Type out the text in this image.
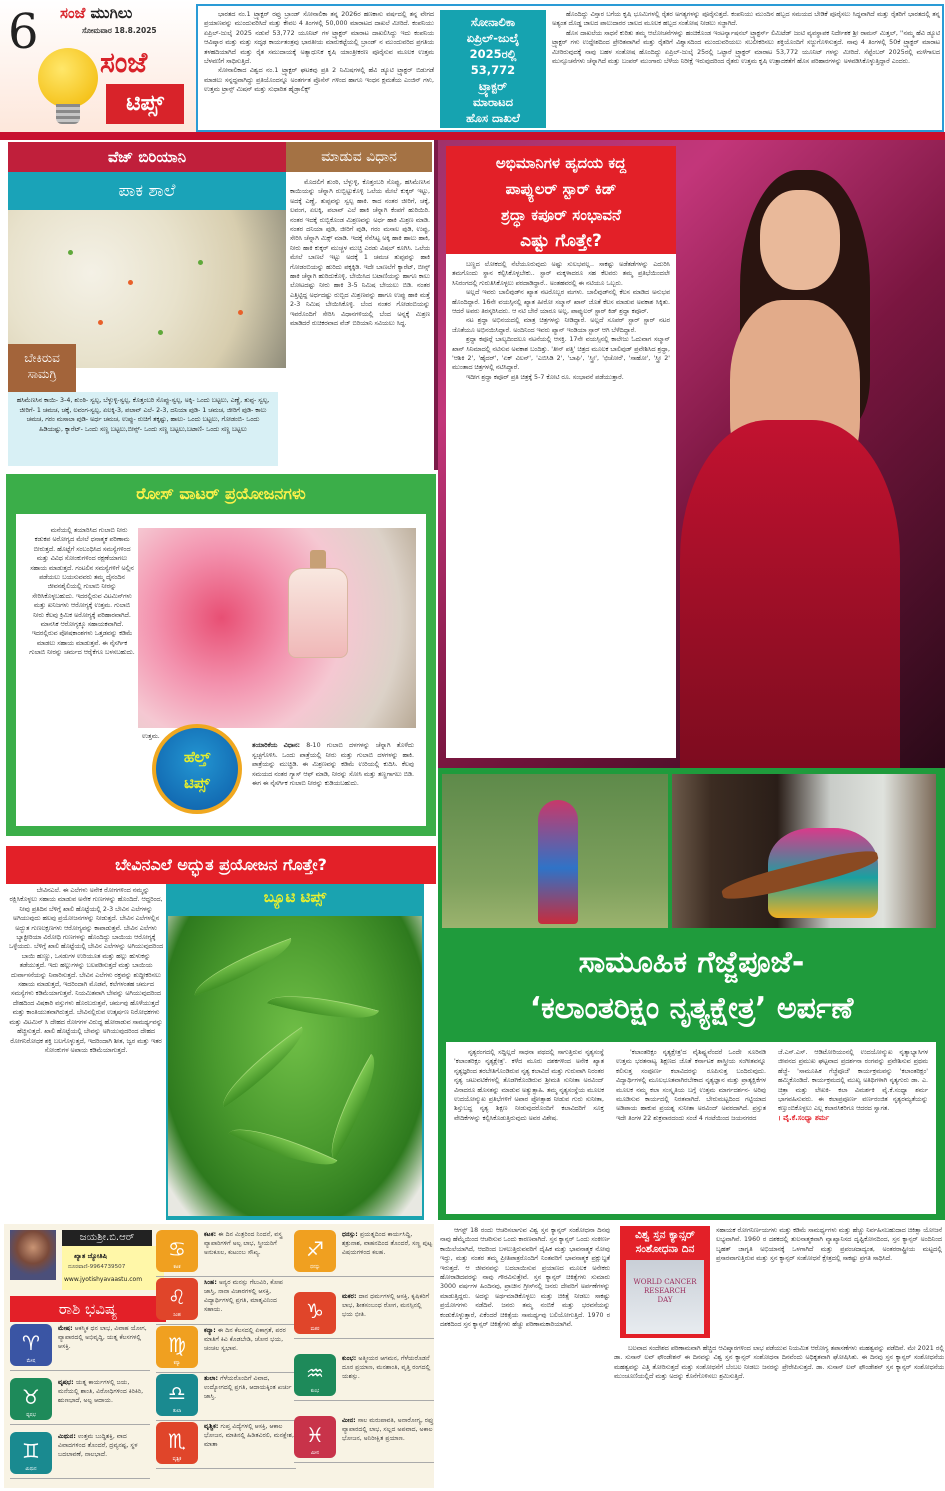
6 ಸಂಜೆ ಮುಗಿಲು
ಸೋಮವಾರ 18.8.2025
ಸಂಜೆ
ಟಿಪ್ಸ್

ಭಾರತದ ನಂ.1 ಟ್ರ್ಯಾಕ್ಟರ್ ರಫ್ತು ಬ್ರಾಂಡ್ ಸೋನಾಲಿಕಾ ತನ್ನ 2026ರ ಹಣಕಾಸು ವರ್ಷದಲ್ಲಿ ತನ್ನ ವೇಗದ ಪ್ರಯಾಣವನ್ನು ಮುಂದುವರಿಸಿದೆ ಮತ್ತು ಕೇವಲ 4 ತಿಂಗಳಲ್ಲಿ 50,000 ಮಾರಾಟದ ದಾಖಲೆ ಮೀರಿದೆ. ಕಂಪನಿಯು ಏಪ್ರಿಲ್-ಜುಲೈ 2025 ನಡುವೆ 53,772 ಯೂನಿಟ್ ಗಳ ಟ್ರ್ಯಾಕ್ಟರ್ ಮಾರಾಟ ದಾಖಲಿಸಿದ್ದು ಇದು ಕಂಪನಿಯ ಆವಿಷ್ಕಾರ ಮತ್ತು ಮತ್ತು ಸದೃಢ ಕಾರ್ಯತಂತ್ರವು ಭಾರತೀಯ ಮಾರುಕಟ್ಟೆಯಲ್ಲಿ ಬ್ರಾಂಡ್ ನ ಮುಂದುವರಿದ ಪ್ರಗತಿಯ ತಳಹದಿಯಾಗಿದೆ ಮತ್ತು ರೈತ ಸಮುದಾಯಕ್ಕೆ ಅತ್ಯಾಧುನಿಕ ಕೃಷಿ ಯಾಂತ್ರೀಕರಣ ಪೂರೈಸುವ ಮೂಲಕ ಉತ್ತಮ ಬೆಳವಣಿಗೆ ಸಾಧಿಸುತ್ತಿದೆ.

ಸೋನಾಲಿಕಾದ ವಿಶ್ವದ ನಂ.1 ಟ್ರ್ಯಾಕ್ಟರ್ ಘಟಕವು ಪ್ರತಿ 2 ನಿಮಿಷಗಳಲ್ಲಿ ಹೆವಿ ಡ್ಯೂಟಿ ಟ್ರ್ಯಾಕ್ಟರ್ ಬಿಡುಗಡೆ ಮಾಡಲು ಸನ್ನದ್ಧವಾಗಿದ್ದು ಪ್ರತಿಯೊಂದನ್ನೂ ಅಂತರ್ಗತ ಪ್ರೊಸೆಸ್ ಗಳಿಂದ ಹಾಗೂ ಇಂಧನ ಕ್ಷಮತೆಯ ಎಂಜಿನ್ ಗಳು, ಉತ್ತಮ ಟ್ರಾನ್ಸ್ ಮಿಷನ್ ಮತ್ತು ಸುಧಾರಿತ ಹೈಡ್ರಾಲಿಕ್ಸ್

ಸೋನಾಲಿಕಾ
ಏಪ್ರಿಲ್-ಜುಲೈ
2025ರಲ್ಲಿ
53,772
ಟ್ರ್ಯಾಕ್ಟರ್
ಮಾರಾಟದ
ಹೊಸ ದಾಖಲೆ

ಹೊಂದಿದ್ದು ವಿಸ್ತಾರ ಬಗೆಯ ಕೃಷಿ ಭೂಮಿಗಳಲ್ಲಿ ರೈತರ ಅಗತ್ಯಗಳನ್ನು ಪೂರೈಸುತ್ತದೆ. ಕಂಪನಿಯು ಮುಂದಿನ ಹಬ್ಬದ ಸಮಯದ ಬೇಡಿಕೆ ಪೂರೈಸಲು ಸಿದ್ಧವಾಗಿದೆ ಮತ್ತು ರೈತರಿಗೆ ಭಾರತದಲ್ಲಿ ತನ್ನ ಅತ್ಯಂತ ದೊಡ್ಡ ಜಾಲದ ಪಾಲುದಾರರ ಜಾಲದ ಮೂಲಕ ಹಬ್ಬದ ಸಂತೋಷ ನೀಡಲು ಸಜ್ಜಾಗಿದೆ.

ಹೊಸ ದಾಖಲೆಯ ಸಾಧನೆ ಕುರಿತು ತಮ್ಮ ಆಲೋಚನೆಗಳನ್ನು ಹಂಚಿಕೊಂಡ ಇಂಟರ್ನ್ಯಾಷನಲ್ ಟ್ರ್ಯಾಕ್ಟರ್ಸ್ ಲಿಮಿಟೆಡ್ ಜಂಟಿ ವ್ಯವಸ್ಥಾಪಕ ನಿರ್ದೇಶಕ ಶ್ರೀ ರಾಮನ್ ಮಿತ್ತಲ್, ''ನಮ್ಮ ಹೆವಿ ಡ್ಯೂಟಿ ಟ್ರ್ಯಾಕ್ಟರ್ ಗಳು ಉದ್ದೇಶದಿಂದ ಪ್ರೇರಿತವಾಗಿವೆ ಮತ್ತು ರೈತರಿಗೆ ವಿಶ್ವಾಸದಿಂದ ಮುಂದುವರಿಯಲು ಸಬಲೀಕರಿಸಲು ಶಕ್ತಿಯೊಂದಿಗೆ ಸಜ್ಜುಗೊಳಿಸುತ್ತದೆ. ನಾವು 4 ತಿಂಗಳಲ್ಲಿ 50ಕೆ ಟ್ರ್ಯಾಕ್ಟರ್ ಮಾರಾಟ ಮೀರಿರುವುದಕ್ಕೆ ನಾವು ಬಹಳ ಸಂತೋಷ ಹೊಂದಿದ್ದು ಏಪ್ರಿಲ್-ಜುಲೈ 25ರಲ್ಲಿ ಒಟ್ಟಾರೆ ಟ್ರ್ಯಾಕ್ಟರ್ ಮಾರಾಟ 53,772 ಯೂನಿಟ್ ಗಳನ್ನು ಮೀರಿದೆ. ಸೆಪ್ಟೆಂಬರ್ 2025ರಲ್ಲಿ ಮಳೆಗಾಲದ ಮುನ್ಸೂಚನೆಗಳು ಚೆನ್ನಾಗಿದೆ ಮತ್ತು ಬಂಪರ್ ಮುಂಗಾರು ಬೆಳೆಯ ನಿರೀಕ್ಷೆ ಇರುವುದರಿಂದ ರೈತರು ಉತ್ತಮ ಕೃಷಿ ಉತ್ಪಾದಕತೆಗೆ ಹೊಸ ಪರಿಹಾರಗಳನ್ನು ಅಳವಡಿಸಿಕೊಳ್ಳುತ್ತಿದ್ದಾರೆ ಎಂದರು.

ವೆಜ್ ಬಿರಿಯಾನಿ	ಮಾಡುವ ವಿಧಾನ
ಪಾಕ ಶಾಲೆ
ಬೇಕಿರುವ
ಸಾಮಗ್ರಿ
ಹಸಿಮೆಣಸಿನ ಕಾಯಿ- 3-4, ಶುಂಠಿ- ಸ್ವಲ್ಪ, ಬೆಳ್ಳುಳ್ಳಿ-ಸ್ವಲ್ಪ, ಕೊತ್ತಂಬರಿ ಸೊಪ್ಪು-ಸ್ವಲ್ಪ, ಅಕ್ಕಿ- ಒಂದು ಬಟ್ಟಲು, ಎಣ್ಣೆ, ತುಪ್ಪ- ಸ್ವಲ್ಪ, ಜೀರಿಗೆ- 1 ಚಮಚ, ಚಕ್ಕೆ, ಲವಂಗ-ಸ್ವಲ್ಪ, ಏಲಕ್ಕಿ-3, ಪಲಾವ್ ಎಲೆ- 2-3, ದನಿಯಾ ಪುಡಿ- 1 ಚಮಚ, ಜೀರಿಗೆ ಪುಡಿ- ಕಾಲು ಚಮಚ, ಗರಂ ಮಸಾಲಾ ಪುಡಿ- ಅರ್ಧ ಚಮಚ, ಉಪ್ಪು- ರುಚಿಗೆ ತಕ್ಕಷ್ಟು, ಹಾಲು- ಒಂದು ಬಟ್ಟಲು, ಗೋಡಂಬಿ- ಒಂದು ಹಿಡಿಯಷ್ಟು, ಕ್ಯಾರೆಟ್- ಒಂದು ಸಣ್ಣ ಬಟ್ಟಲು,ಬೀನ್ಸ್- ಒಂದು ಸಣ್ಣ ಬಟ್ಟಲು,ಬಟಾಣಿ- ಒಂದು ಸಣ್ಣ ಬಟ್ಟಲು

ಮೊದಲಿಗೆ ಶುಂಠಿ, ಬೆಳ್ಳುಳ್ಳಿ, ಕೊತ್ತಂಬರಿ ಸೊಪ್ಪು, ಹಸಿಮೆಣಸಿನ ಕಾಯಿಯನ್ನು ಚೆನ್ನಾಗಿ ರುಬ್ಬಿಟ್ಟುಕೊಳ್ಳಿ ಒಲೆಯ ಮೇಲೆ ಕುಕ್ಕರ್ ಇಟ್ಟು, ಅದಕ್ಕೆ ಎಣ್ಣೆ, ತುಪ್ಪವನ್ನು ಸ್ವಲ್ಪ ಹಾಕಿ. ಕಾದ ನಂತರ ಜೀರಿಗೆ, ಚಕ್ಕೆ, ಲವಂಗ, ಏಲಕ್ಕಿ, ಪಲಾವ್ ಎಲೆ ಹಾಕಿ ಚೆನ್ನಾಗಿ ಕೆಂಪಗೆ ಹುರಿಯಿರಿ. ನಂತರ ಇದಕ್ಕೆ ರುಬ್ಬಿಕೊಂಡ ಮಿಶ್ರಣವನ್ನು ಅರ್ಧ ಹಾಕಿ ಮಿಶ್ರಣ ಮಾಡಿ. ನಂತರ ದನಿಯಾ ಪುಡಿ, ಜೀರಿಗೆ ಪುಡಿ, ಗರಂ ಮಸಾಲ ಪುಡಿ, ಉಪ್ಪು, ಸೇರಿಸಿ ಚೆನ್ನಾಗಿ ಮಿಕ್ಸ್ ಮಾಡಿ. ಇದಕ್ಕೆ ನೆನೆಸಿಟ್ಟ ಅಕ್ಕಿ ಹಾಕಿ ಹಾಲು ಹಾಕಿ, ನೀರು ಹಾಕಿ ಕುಕ್ಕರ್ ಮುಚ್ಚಳ ಮುಚ್ಚಿ ಎರಡು ವಿಷಲ್ ಕೂಗಿಸಿ. ಒಲೆಯ ಮೇಲೆ ಬಾಣಲೆ ಇಟ್ಟು ಅದಕ್ಕೆ 1 ಚಮಚ ತುಪ್ಪವನ್ನು ಹಾಕಿ ಗೋಡಂಬಿಯನ್ನು ಹುರಿದು ಪಕ್ಕಕ್ಕಿಡಿ. ಇದೇ ಬಾಣಲೆಗೆ ಕ್ಯಾರೆಟ್, ಬೀನ್ಸ್ ಹಾಕಿ ಚೆನ್ನಾಗಿ ಹುರಿದುಕೊಳ್ಳಿ. ಬೇಯಿಸಿದ ಬಟಾಣಿಯನ್ನು ಹಾಗೂ ಕಾಲು ಲೋಟದಷ್ಟು ನೀರು ಹಾಕಿ 3-5 ನಿಮಿಷ ಬೇಯಲು ಬಿಡಿ. ನಂತರ ಎತ್ತಿಟ್ಟಿದ್ದ ಅರ್ಧದಷ್ಟು ರುಬ್ಬಿದ ಮಿಶ್ರಣವನ್ನು ಹಾಗೂ ಉಪ್ಪು ಹಾಕಿ ಮತ್ತೆ 2-3 ನಿಮಿಷ ಬೇಯಿಸಿಕೊಳ್ಳಿ. ಬೆಂದ ನಂತರ ಗೋಡಂಬಿಯನ್ನು ಇವರೊಂದಿಗೆ ಸೇರಿಸಿ ವಿಧಾನಗಳಿಯಲ್ಲಿ ಬೆಂದ ಅನ್ನಕ್ಕೆ ಮಿಶ್ರಣ ಮಾಡಿದರೆ ರುಚಿಕರವಾದ ವೆಜ್ ಬಿರಿಯಾನಿ ಸವಿಯಲು ಸಿದ್ಧ.

ರೋಸ್ ವಾಟರ್ ಪ್ರಯೋಜನಗಳು

ಮನೆಯಲ್ಲಿ ತಯಾರಿಸಿದ ಗುಲಾಬಿ ನೀರು ಕಡುಕಪ ಅರೋಗ್ಯದ ಮೇಲೆ ಧನಾತ್ಮಕ ಪರಿಣಾಮ ಬೀರುತ್ತದೆ. ಹೊಟ್ಟೆಗೆ ಸಂಬಂಧಿಸಿದ ಸಮಸ್ಯೆಗಳಿಂದ ಮತ್ತು ವಿವಿಧ ಸೋಂಕುಗಳಿಂದ ರಕ್ಷಣೆಯಾಗಲು ಸಹಾಯ ಮಾಡುತ್ತದೆ. ಗಂಟಲಿನ ಸಮಸ್ಯೆಗಳಿಗೆ ಅಲ್ಲಿನ ಪಡೆಯಲು ಬಯಸುವವರು ತಮ್ಮ ದೈನಂದಿನ ಜೀವನಶೈಲಿಯಲ್ಲಿ ಗುಲಾಬಿ ನೀರನ್ನು ಸೇರಿಸಿಕೊಳ್ಳಬಹುದು. ಇದರಲ್ಲಿರುವ ವಿಟಮಿನ್‍ಗಳು ಮತ್ತು ಖನಿಜಗಳು ಆರೋಗ್ಯಕ್ಕೆ ಉತ್ತಮ. ಗುಲಾಬಿ ನೀರು ಕೆಲವು ಕ್ರಿಮಿಕ ಅರೋಗ್ಯಕ್ಕೆ ಪರಿಹಾರವಾಗಿದೆ. ಮಾನಸಿಕ ಆರೋಗ್ಯಕ್ಕೂ ಸಹಾಯಕವಾಗಿದೆ. ಇದರಲ್ಲಿರುವ ಪೋಷಕಾಂಶಗಳು ಒತ್ತಡವನ್ನು ಕಡಿಮೆ ಮಾಡಲು ಸಹಾಯ ಮಾಡುತ್ತವೆ. ಈ ನೈಸರ್ಗಿಕ ಗುಲಾಬಿ ನೀರನ್ನು ಚರ್ಮದ ಆರೈಕೆಗೂ ಬಳಸಬಹುದು.

ಉತ್ತಮ.
ತಯಾರಿಕೆಯ ವಿಧಾನ: 8-10 ಗುಲಾಬಿ ದಳಗಳನ್ನು ಚೆನ್ನಾಗಿ ತೊಳೆದು ಸ್ವಚ್ಛಗೊಳಿಸಿ. ಒಂದು ಪಾತ್ರೆಯಲ್ಲಿ ನೀರು ಮತ್ತು ಗುಲಾಬಿ ದಳಗಳನ್ನು ಹಾಕಿ. ಪಾತ್ರೆಯನ್ನು ಮುಚ್ಚಿಡಿ. ಈ ಮಿಶ್ರಣವನ್ನು ಕಡಿಮೆ ಉರಿಯಲ್ಲಿ ಕುದಿಸಿ. ಕೆಲವು ಸಮಯದ ನಂತರ ಗ್ಯಾಸ್ ಆಫ್ ಮಾಡಿ, ನೀರನ್ನು ಸೋಸಿ ಮತ್ತು ತಣ್ಣಗಾಗಲು ಬಿಡಿ. ಈಗ ಈ ನೈಸರ್ಗಿಕ ಗುಲಾಬಿ ನೀರನ್ನು ಕುಡಿಯಬಹುದು.
ಹೆಲ್ತ್
ಟಿಪ್ಸ್
ಬೇವಿನಎಲೆ ಅದ್ಭುತ ಪ್ರಯೋಜನ ಗೊತ್ತೇ?

ಬೇವಿನಎಲೆ. ಈ ಎಲೆಗಳು ಅನೇಕ ರೋಗಗಳಿಂದ ನಮ್ಮನ್ನು ರಕ್ಷಿಸಿಕೊಳ್ಳಲು ಸಹಾಯ ಮಾಡುವ ಅನೇಕ ಗುಣಗಳನ್ನು ಹೊಂದಿದೆ. ಆದ್ದರಿಂದ, ನೀವು ಪ್ರತಿದಿನ ಬೆಳಿಗ್ಗೆ ಖಾಲಿ ಹೊಟ್ಟೆಯಲ್ಲಿ 2-3 ಬೇವಿನ ಎಲೆಗಳನ್ನು ಅಗಿಯುವುದು ಹಲವು ಪ್ರಯೋಜನಗಳನ್ನು ನೀಡುತ್ತದೆ. ಬೇವಿನ ಎಲೆಗಳಲ್ಲಿನ ಅದ್ಭುತ ಗುಣಲಕ್ಷಣಗಳು ಆರೋಗ್ಯವನ್ನು ಕಾಪಾಡುತ್ತವೆ. ಬೇವಿನ ಎಲೆಗಳು ಬ್ಯಾಕ್ಟೀರಿಯಾ ವಿರೋಧಿ ಗುಣಗಳನ್ನು ಹೊಂದಿದ್ದು ಬಾಯಿಯ ಆರೋಗ್ಯಕ್ಕೆ ಒಳ್ಳೆಯದು. ಬೆಳಿಗ್ಗೆ ಖಾಲಿ ಹೊಟ್ಟೆಯಲ್ಲಿ ಬೇವಿನ ಎಲೆಗಳನ್ನು ಅಗಿಯುವುದರಿಂದ ಬಾಯಿ ಹುಣ್ಣು, ಒಸಡುಗಳ ಉರಿಯೂತ ಮತ್ತು ಹಲ್ಲು ಹುಳುಕನ್ನು ತಡೆಯುತ್ತದೆ. ಇದು ಹಲ್ಲುಗಳನ್ನು ಬಲಪಡಿಸುತ್ತದೆ ಮತ್ತು ಬಾಯಿಯ ದುರ್ವಾಸನೆಯನ್ನು ನಿವಾರಿಸುತ್ತದೆ. ಬೇವಿನ ಎಲೆಗಳು ರಕ್ತವನ್ನು ಶುದ್ಧೀಕರಿಸಲು ಸಹಾಯ ಮಾಡುತ್ತದೆ, ಇದರಿಂದಾಗಿ ಮೊಡವೆ, ಕಲೆಗಳಂತಹ ಚರ್ಮದ ಸಮಸ್ಯೆಗಳು ಕಡಿಮೆಯಾಗುತ್ತವೆ. ನಿಯಮಿತವಾಗಿ ಬೇವನ್ನು ಅಗಿಯುವುದರಿಂದ ದೇಹದಿಂದ ವಿಷಕಾರಿ ವಸ್ತುಗಳು ಹೊರಬರುತ್ತವೆ, ಚರ್ಮವು ಹೊಳೆಯುತ್ತದೆ ಮತ್ತು ಕಾಂತಿಯುತವಾಗಿರುತ್ತದೆ. ಬೇವಿನಲ್ಲಿರುವ ಉತ್ಕರ್ಷಣ ನಿರೋಧಕಗಳು ಮತ್ತು ವಿಟಮಿನ್ ಸಿ ದೇಹದ ರೋಗಗಳ ವಿರುದ್ಧ ಹೋರಾಡುವ ಸಾಮರ್ಥ್ಯವನ್ನು ಹೆಚ್ಚಿಸುತ್ತದೆ. ಖಾಲಿ ಹೊಟ್ಟೆಯಲ್ಲಿ ಬೇವನ್ನು ಅಗಿಯುವುದರಿಂದ ದೇಹದ ರೋಗನಿರೋಧಕ ಶಕ್ತಿ ಬಲಗೊಳ್ಳುತ್ತದೆ, ಇದರಿಂದಾಗಿ ಶೀತ, ಜ್ವರ ಮತ್ತು ಇತರ ಸೋಂಕುಗಳ ಅಪಾಯ ಕಡಿಮೆಯಾಗುತ್ತದೆ.

ಬ್ಯೂಟಿ ಟಿಪ್ಸ್
ಅಭಿಮಾನಿಗಳ ಹೃದಯ ಕದ್ದ
ಪಾಪ್ಯುಲರ್ ಸ್ಟಾರ್ ಕಿಡ್
ಶ್ರದ್ಧಾ ಕಪೂರ್ ಸಂಭಾವನೆ
ಎಷ್ಟು ಗೊತ್ತೇ?

ಬಣ್ಣದ ಲೋಕದಲ್ಲಿ ನೆಲೆಯೂರುವುದು ಅಷ್ಟು ಸುಲಭವಲ್ಲ.. ಸಾಕಷ್ಟು ಅಡೆತಡೆಗಳನ್ನು ಎದುರಿಸಿ ತಮಗೊಂದು ಸ್ಥಾನ ಕಲ್ಪಿಸಿಕೊಳ್ಳಬೇಕು.. ಸ್ಟಾರ್ ಮಕ್ಕಳಾದರೂ ಸಹ ಕೆಲವರು ತಮ್ಮ ಪ್ರತಿಭೆಯಿಂದಲೇ ಸಿನಿರಂಗದಲ್ಲಿ ಗುರುತಿಸಿಕೊಳ್ಳಲು ಪರದಾಡಿದ್ದಾರೆ.. ಅಂತಹವರಲ್ಲಿ ಈ ನಟಿಯೂ ಒಬ್ಬರು.

ಅಲ್ಲದೆ ಇವರು ಬಾಲಿವುಡ್‍ನ ಖ್ಯಾತ ನಟರೊಬ್ಬರ ಮಗಳು. ಬಾಲಿವುಡ್‍ನಲ್ಲಿ ಕೆಲಸ ಮಾಡಿದ ಅನುಭವ ಹೊಂದಿದ್ದಾರೆ. 16ನೇ ವಯಸ್ಸಿನಲ್ಲಿ ಖ್ಯಾತ ಹೀರೋ ಸಲ್ಮಾನ್ ಖಾನ್ ಜೊತೆ ಕೆಲಸ ಮಾಡುವ ಅವಕಾಶ ಸಿಕ್ಕಿತು. ಆದರೆ ಅವರು ತಿರಸ್ಕರಿಸಿದರು. ಆ ನಟಿ ಬೇರೆ ಯಾರೂ ಅಲ್ಲ, ಪಾಪ್ಯುಲರ್ ಸ್ಟಾರ್ ಕಿಡ್ ಶ್ರದ್ಧಾ ಕಪೂರ್.

ನಟ ಶ್ರದ್ಧಾ ಅಭಿನಯದಲ್ಲಿ ಮಾತ್ರ ಚಿತ್ರಗಳನ್ನು ನೀಡಿದ್ದಾರೆ. ಅಲ್ಲದೆ ಸೂಪರ್ ಸ್ಟಾರ್ ಸ್ಟಾರ್ ನಟರ ಜೊತೆಯೂ ಅಭಿನಯಿಸಿದ್ದಾರೆ. ಅಂದಿನಿಂದ ಇವರು ಪ್ಯಾನ್ ಇಂಡಿಯಾ ಸ್ಟಾರ್ ಆಗಿ ಬೆಳೆದಿದ್ದಾರೆ.

ಶ್ರದ್ಧಾ ಕಪೂರ್‍ಗೆ ಬಾಲ್ಯದಿಂದಲೂ ನಟನೆಯಲ್ಲಿ ಆಸಕ್ತಿ. 17ನೇ ವಯಸ್ಸಿನಲ್ಲಿ ಕಾಲೇಜು ಓದುವಾಗ ಸಲ್ಮಾನ್ ಖಾನ್ ಸಿನಿಮಾದಲ್ಲಿ ನಟಿಸುವ ಅವಕಾಶ ಬಂದಿತ್ತು. 'ತೀನ್ ಪತ್ತಿ' ಚಿತ್ರದ ಮೂಲಕ ಬಾಲಿವುಡ್ ಪ್ರವೇಶಿಸಿದ ಶ್ರದ್ಧಾ, 'ಆಶಿಕಿ 2', 'ಹೈದರ್', 'ಏಕ್ ವಿಲನ್', 'ಎಬಿಸಿಡಿ 2', 'ಬಾಘಿ', 'ಸ್ತ್ರೀ', 'ಛಿಚೋರೆ', 'ಸಾಹೋ', 'ಸ್ತ್ರೀ 2' ಮುಂತಾದ ಚಿತ್ರಗಳಲ್ಲಿ ನಟಿಸಿದ್ದಾರೆ.

ಇದೀಗ ಶ್ರದ್ಧಾ ಕಪೂರ್ ಪ್ರತಿ ಚಿತ್ರಕ್ಕೆ 5-7 ಕೋಟಿ ರೂ. ಸಂಭಾವನೆ ಪಡೆಯುತ್ತಾರೆ.

ಸಾಮೂಹಿಕ ಗೆಜ್ಜೆಪೂಜೆ-
‘ಕಲಾಂತರಿಕ್ಷಂ ನೃತ್ಯಕ್ಷೇತ್ರ’ ಅರ್ಪಣೆ

ನೃತ್ಯರಂಗದಲ್ಲಿ ಸದ್ದಿಲ್ಲದೆ ಸಾಧನಾ ಪಥದಲ್ಲಿ ಸಾಗುತ್ತಿರುವ ನೃತ್ಯಸಂಸ್ಥೆ 'ಕಲಾಂತರಿಕ್ಷಂ ನೃತ್ಯಕ್ಷೇತ್ರ'. ಕಳೆದ ಮೂರು ದಶಕಗಳಿಂದ ಅನೇಕ ಖ್ಯಾತ ನೃತ್ಯಜ್ಞರಿಂದ ತರಬೇತಿಗೊಂಡಿರುವ ನೃತ್ಯ ಕಲಾವಿದೆ ಮತ್ತು ಗುರುವಾಗಿ ನಿರಂತರ ನೃತ್ಯ ಚಟುವಟಿಕೆಗಳಲ್ಲಿ ತೊಡಗಿಕೊಂಡಿರುವ ಶ್ರೀಮತಿ ಸುನೀತಾ ಅರವಿಂದ್ ವಿನಾದರೂ ಹೊಸತನ್ನು ಮಾಡುವ ಅತ್ಯುತ್ಸಾಹಿ. ತಮ್ಮ ನೃತ್ಯಸಂಸ್ಥೆಯ ಮೂಲಕ ಉದಯೋನ್ಮುಖ ಪ್ರತಿಭೆಗಳಿಗೆ ಅಪಾರ ಪ್ರೋತ್ಸಾಹ ನೀಡುವ ಗುರು ಸುನೀತಾ, ಶಿಸ್ತುಬದ್ಧ ನೃತ್ಯ ಶಿಕ್ಷಣ ನೀಡುವುದರೊಂದಿಗೆ ಕಲಾವಿದರಿಗೆ ಸೂಕ್ತ ವೇದಿಕೆಗಳನ್ನು ಕಲ್ಪಿಸಿಕೊಡುತ್ತಿರುವುದು ಅವರ ವಿಶೇಷ.

'ಕಲಾಂತರಿಕ್ಷಂ ನೃತ್ಯಕ್ಷೇತ್ರ'ದ ವೈಶಿಷ್ಟ್ಯವೆಂದರೆ ಒಂದೇ ಸೂರಿನಡಿ ಉತ್ತಮ ಭರತನಾಟ್ಯ ಶಿಕ್ಷಣದ ಜೊತೆ ಕರ್ನಾಟಕ ಶಾಸ್ತ್ರೀಯ ಸಂಗೀತವನ್ನೂ ಕಲಿಸುತ್ತ ಸಂಪೂರ್ಣ ಕಲಾವಿದರನ್ನು ರೂಪಿಸುತ್ತ ಬಂದಿರುವುದು. ವಿದ್ಯಾರ್ಥಿಗಳಲ್ಲಿ ಮೂಲಭೂತವಾಗಿರಬೇಕಾದ ನೃತ್ಯಜ್ಞಾನ ಮತ್ತು ಪ್ರಾತ್ಯಕ್ಷಿಕೆಗಳ ಮೂಲಕ ನಮ್ಮ ಕಲಾ ಸಂಸ್ಕೃತಿಯ ಬಗ್ಗೆ ಉತ್ತಮ ಮಾರ್ಗದರ್ಶನ- ಅರಿವು ಮೂಡಿಸುವ ಕಾರ್ಯದಲ್ಲಿ ನಿರತವಾಗಿದೆ. ಬೇರುಮಟ್ಟದಿಂದ ಗಟ್ಟಿಯಾದ ಅಡಿಪಾಯ ಹಾಕುವ ಪ್ರಯತ್ನ ಸುನೀತಾ ಅರವಿಂದ್ ಅವರದಾಗಿದೆ. ಪ್ರಸ್ತುತ ಇದೇ ತಿಂಗಳ 22 ಶುಕ್ರವಾರದಂದು ಸಂಜೆ 4 ಗಂಟೆಯಿಂದ ಜಯನಗರದ

ಜೆ.ಎಸ್.ಎಸ್. ಆಡಿಟೋರಿಯಂನಲ್ಲಿ ಉದಯೋನ್ಮುಖ ನೃತ್ಯಾಭ್ಯಾಸಿಗಳ ಜೀವನದ ಪ್ರಮುಖ ಘಟ್ಟವಾದ ಪ್ರದರ್ಶನಾ ರಂಗವನ್ನು ಪ್ರವೇಶಿಸುವ ಪ್ರಥಮ ಹೆಜ್ಜೆ- 'ಸಾಮೂಹಿಕ ಗೆಜ್ಜೆಪೂಜೆ' ಕಾರ್ಯಕ್ರಮವನ್ನು 'ಕಲಾಂತರಿಕ್ಷಂ' ಹಮ್ಮಿಕೊಂಡಿದೆ. ಕಾರ್ಯಕ್ರಮದಲ್ಲಿ ಮುಖ್ಯ ಅತಿಥಿಗಳಾಗಿ ನೃತ್ಯಗುರು ಡಾ. ಎ. ಚಿತ್ರಾ ಮತ್ತು ಲೇಖಕಿ- ಕಲಾ ವಿಮರ್ಶಕಿ ವೈ.ಕೆ.ಸಂಧ್ಯಾ ಶರ್ಮ ಭಾಗವಹಿಸುವರು. ಈ ಕಲಾಪ್ರಪೂರ್ಣ ವರ್ಣರಂಜಿತ ನೃತ್ಯರಮ್ಯತೆಯನ್ನು ಕಣ್ತುಂಬಿಕೊಳ್ಳಲು ಎಲ್ಲ ಕಲಾರಸಿಕರಿಗೂ ಆದರದ ಸ್ವಾಗತ.

। ವೈ.ಕೆ.ಸಂಧ್ಯಾ ಶರ್ಮ
ಜಯಶ್ರೀ.ಬಿ.ಆರ್
ಖ್ಯಾತ ಜ್ಯೋತಿಷಿ
ದೂರವಾಣಿ-9964739507
www.jyotishyavaastu.com
ರಾಶಿ ಭವಿಷ್ಯ
♈
ಮೇಷ
ಮೇಷ: ಆಕಸ್ಮಿಕ ಧನ ಲಾಭ, ವಿವಾಹ ಯೋಗ, ವ್ಯಾಪಾರದಲ್ಲಿ ಅಭಿವೃದ್ಧಿ, ಯತ್ನ ಕೆಲಸಗಳಲ್ಲಿ ಆಸಕ್ತಿ.
♉
ವೃಷಭ
ವೃಷಭ: ಯತ್ನ ಕಾರ್ಯಗಳಲ್ಲಿ ಜಯ, ಮನೆಯಲ್ಲಿ ಶಾಂತಿ, ವಿರೋಧಿಗಳಿಂದ ಕಿರಿಕಿರಿ, ಋಣಭಾದೆ, ಅಲ್ಪ ಆದಾಯ.
♊
ಮಿಥುನ
ಮಿಥುನ: ಉತ್ತಮ ಬುದ್ಧಿಶಕ್ತಿ, ವಾದ ವಿವಾದಗಳಿಂದ ತೊಂದರೆ, ದ್ರವ್ಯನಷ್ಟ, ಸ್ಥಳ ಬದಲಾವಣೆ, ನಾಲಭಾದೆ.
♋
ಕಟಕ
ಕಟಕ: ಈ ದಿನ ಮಿತ್ರರಿಂದ ನಿಂದನೆ, ವಸ್ತ್ರ ವ್ಯಾಪಾರಿಗಳಿಗೆ ಅಲ್ಪ ಲಾಭ, ಸ್ತ್ರೀಯರಿಗೆ ಅನುಕೂಲ, ಕುಟುಂಬ ಸೌಖ್ಯ.
♌
ಸಿಂಹ
ಸಿಂಹ: ಅನ್ಯರ ಮನಸ್ಸು ಗೆಲುವಿರಿ, ಕೋಪ ಜಾಸ್ತಿ, ನಾನಾ ವಿಚಾರಗಳಲ್ಲಿ ಆಸಕ್ತಿ, ವಿದ್ಯಾರ್ಥಿಗಳಲ್ಲಿ ಪ್ರಗತಿ, ಮಾತೃವಿನಿಂದ ಸಹಾಯ.
♍
ಕನ್ಯಾ
ಕನ್ಯಾ: ಈ ದಿನ ಕೆಲಸದಲ್ಲಿ ಏಕಾಗ್ರತೆ, ಪರರ ಮಾತಿಗೆ ಕಿವಿ ಕೊಡಬೇಡಿ, ಚೋರ ಭಯ, ಚಂಚಲ ಸ್ವಭಾವ.
♎
ತುಲಾ
ತುಲಾ: ಗೆಳೆಯರೊಂದಿಗೆ ವಿವಾದ, ಉದ್ಯೋಗದಲ್ಲಿ ಪ್ರಗತಿ, ಆದಾಯಕ್ಕಿಂತ ಖರ್ಚು ಜಾಸ್ತಿ.
♏
ವೃಶ್ಚಿಕ
ವೃಶ್ಚಿಕ: ಗುಪ್ತ ವಿದ್ಯೆಗಳಲ್ಲಿ ಆಸಕ್ತಿ, ಆಕಾಲ ಭೋಜನ, ಮಾತಿನಲ್ಲಿ ಹಿಡಿತವಿರಲಿ, ಮನಕ್ಲೇಶ, ಮಾತಾ
♐
ಧನಸ್ಸು
ಧನಸ್ಸು: ಪ್ರಯತ್ನದಿಂದ ಕಾರ್ಯಸಿದ್ಧಿ, ಶತ್ರುನಾಶ, ವಾಹನದಿಂದ ತೊಂದರೆ, ಸಣ್ಣ ಪುಟ್ಟ ವಿಷಯಗಳಿಂದ ಕಲಹ.
♑
ಮಕರ
ಮಕರ: ದಾನ ಧರ್ಮಗಳಲ್ಲಿ ಆಸಕ್ತಿ, ಕೃಷಿಕರಿಗೆ ಲಾಭ, ಶೀತಸಂಬಂಧ ರೋಗ, ಮನಸ್ಸಿನಲ್ಲಿ ಭಯ ಭೀತಿ.
♒
ಕುಂಭ
ಕುಂಭ: ಅತ್ಮೀಯರ ಆಗಮನ, ಗೆಳೆಯರೊಡನೆ ದೂರ ಪ್ರಯಾಣ, ಮನಶಾಂತಿ, ವೃತ್ತಿ ರಂಗದಲ್ಲಿ ಯಶಸ್ಸು.
♓
ಮೀನ
ಮೀನ: ಸಾಲ ಮರುಪಾವತಿ, ಅನಾರೋಗ್ಯ, ರಫ್ತು ವ್ಯಾಪಾರದಲ್ಲಿ ಲಾಭ, ಸಲ್ಲದ ಅಪವಾದ, ಅಕಾಲ ಭೋಜನ, ಅನಿರೀಕ್ಷಿತ ಪ್ರಯಾಣ.

ಆಗಸ್ಟ್ 18 ರಂದು ಆಚರಿಸಲಾಗುವ ವಿಶ್ವ ಸ್ತನ ಕ್ಯಾನ್ಸರ್ ಸಂಶೋಧನಾ ದಿನವು ನಾವು ಹೆಮ್ಮೆಯಿಂದ ಆಚರಿಸುವ ಒಂದು ಕಾರಣವಾಗಿದೆ. ಸ್ತನ ಕ್ಯಾನ್ಸರ್ ಒಂದು ಸಂಕೀರ್ಣ ಕಾಯಿಲೆಯಾಗಿದೆ, ಆದರಿಂದ ಬಳಲುತ್ತಿರುವವರಿಗೆ ದೈಹಿಕ ಮತ್ತು ಭಾವನಾತ್ಮಕ ನೋವು ಇದ್ದು, ಮತ್ತು ನಂತರ ತಮ್ಮ ಪ್ರೀತಿಪಾತ್ರರೊಂದಿಗೆ ನಿಂತವರಿಗೆ ಭಾವನಾತ್ಮಕ ಪ್ರಕ್ಷುಬ್ಧತೆ ಇರುತ್ತದೆ. ಆ ಜೀವನವನ್ನು ಬದಲಾಯಿಸುವ ಪ್ರಯಾಣದ ಮೂಲಕ ಅನೇಕರು ಹೋರಾಡಿದವರನ್ನು ನಾವು ಗೌರವಿಸುತ್ತೇವೆ. ಸ್ತನ ಕ್ಯಾನ್ಸರ್ ಚಿಕಿತ್ಸೆಗಳು ಸುಮಾರು 3000 ವರ್ಷಗಳ ಹಿಂದಿನವು, ಪ್ರಾಚೀನ ಗ್ರೀಸ್‍ನಲ್ಲಿ ಜನರು ದೇವರಿಗೆ ಅರ್ಪಣೆಗಳನ್ನು ಮಾಡುತ್ತಿದ್ದರು. ಅದನ್ನು ಅರ್ಥಮಾಡಿಕೊಳ್ಳಲು ಮತ್ತು ಚಿಕಿತ್ಸೆ ನೀಡಲು ಸಾಕಷ್ಟು ಪ್ರಯೋಗಗಳು ನಡೆದಿವೆ. ಜನರು ತಮ್ಮ ನಂಬಿಕೆ ಮತ್ತು ಭರವಸೆಯನ್ನು ಕಂಡುಕೊಳ್ಳುತ್ತಾರೆ, ಏಕೆಂದರೆ ಚಿಕಿತ್ಸೆಯ ಸಾಮರ್ಥ್ಯವು ಬಲಿಯೋಗುತ್ತಿದೆ. 1970 ರ ದಶಕದಿಂದ ಸ್ತನ ಕ್ಯಾನ್ಸರ್ ಚಿಕಿತ್ಸೆಗಳು ಹೆಚ್ಚು ಪರಿಣಾಮಕಾರಿಯಾಗಿವೆ.

ವಿಶ್ವ ಸ್ತನ ಕ್ಯಾನ್ಸರ್
ಸಂಶೋಧನಾ ದಿನ
WORLD CANCER
RESEARCH
DAY

ಸಹಾಯಕ ರೋಗನಿರ್ಣಯಗಳು ಮತ್ತು ಕಡಿಮೆ ಸಾಮರ್ಥ್ಯಗಳು ಮತ್ತು ಹೆಚ್ಚು ನಿರ್ವಹಿಸಬಹುದಾದ ಚಿಕಿತ್ಸಾ ಯೋಜನೆ ಲಭ್ಯವಾಗಿವೆ. 1960 ರ ದಶಕದಲ್ಲಿ ತುಲನಾತ್ಮಕವಾಗಿ ವ್ಯಾಖ್ಯಾನಿಸದ ದೃಷ್ಟಿಕೋನದಿಂದ, ಸ್ತನ ಕ್ಯಾನ್ಸರ್ ಅಂದಿನಿಂದ ಬೃಹತ್ ಜಾಗೃತಿ ಅಭಿಯಾನಕ್ಕೆ ಒಳಗಾಗಿದೆ ಮತ್ತು ಪ್ರಪಂಚದಾದ್ಯಂತ, ಅಂತರರಾಷ್ಟ್ರೀಯ ಮಟ್ಟದಲ್ಲಿ ಪ್ರಸಾರವಾಗುತ್ತಿರುವ ಮತ್ತು ಸ್ತನ ಕ್ಯಾನ್ಸರ್ ಸಂಶೋಧನೆ ಕ್ಷೇತ್ರದಲ್ಲಿ ಸಾಕಷ್ಟು ಪ್ರಗತಿ ಸಾಧಿಸಿದೆ.

ಬಲವಾದ ಸಂದೇಶದ ಪರಿಣಾಮವಾಗಿ ಹೆಚ್ಚಿದ ಆವಿಷ್ಕಾರಗಳಿಂದ ಲಾಭ ಪಡೆಯುವ ನಿಯಮಿತ ಆರೋಗ್ಯ ತಪಾಸಣೆಗಳು ಮಹತ್ವವನ್ನು ಪಡೆದಿವೆ. ಮೇ 2021 ರಲ್ಲಿ ಡಾ. ಸುಸಾನ್ ಲವ್ ಫೌಂಡೇಶನ್ ಈ ದಿನವನ್ನು ವಿಶ್ವ ಸ್ತನ ಕ್ಯಾನ್ಸರ್ ಸಂಶೋಧನಾ ದಿನವೆಂದು ಅಧಿಕೃತವಾಗಿ ಘೋಷಿಸಿತು. ಈ ದಿನವು ಸ್ತನ ಕ್ಯಾನ್ಸರ್ ಸಂಶೋಧನೆಯ ಮಹತ್ವವನ್ನು ಎತ್ತಿ ತೋರಿಸುತ್ತದೆ ಮತ್ತು ಸಂಶೋಧನೆಗೆ ಬೆಂಬಲ ನೀಡಲು ಜನರನ್ನು ಪ್ರೇರೇಪಿಸುತ್ತದೆ. ಡಾ. ಸುಸಾನ್ ಲವ್ ಫೌಂಡೇಶನ್ ಸ್ತನ ಕ್ಯಾನ್ಸರ್ ಸಂಶೋಧನೆಯ ಮುಂಚೂಣಿಯಲ್ಲಿದೆ ಮತ್ತು ಅದನ್ನು ಕೊನೆಗೊಳಿಸಲು ಶ್ರಮಿಸುತ್ತಿದೆ.
